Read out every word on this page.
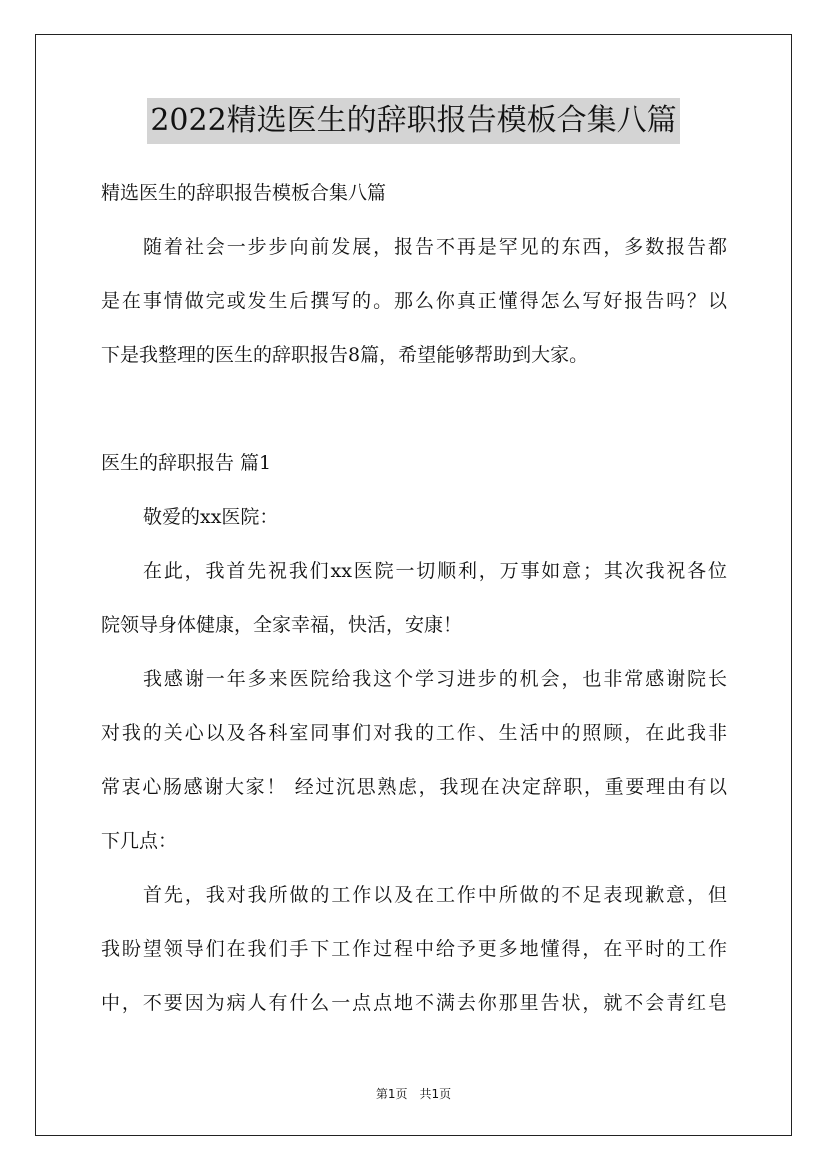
2022精选医生的辞职报告模板合集八篇

精选医生的辞职报告模板合集八篇

随着社会一步步向前发展，报告不再是罕见的东西，多数报告都

是在事情做完或发生后撰写的。那么你真正懂得怎么写好报告吗？以

下是我整理的医生的辞职报告8篇，希望能够帮助到大家。

医生的辞职报告 篇1

敬爱的xx医院：

在此，我首先祝我们xx医院一切顺利，万事如意；其次我祝各位

院领导身体健康，全家幸福，快活，安康！

我感谢一年多来医院给我这个学习进步的机会，也非常感谢院长

对我的关心以及各科室同事们对我的工作、生活中的照顾，在此我非

常衷心肠感谢大家！ 经过沉思熟虑，我现在决定辞职，重要理由有以

下几点：

首先，我对我所做的工作以及在工作中所做的不足表现歉意，但

我盼望领导们在我们手下工作过程中给予更多地懂得，在平时的工作

中，不要因为病人有什么一点点地不满去你那里告状，就不会青红皂

第1页　共1页
